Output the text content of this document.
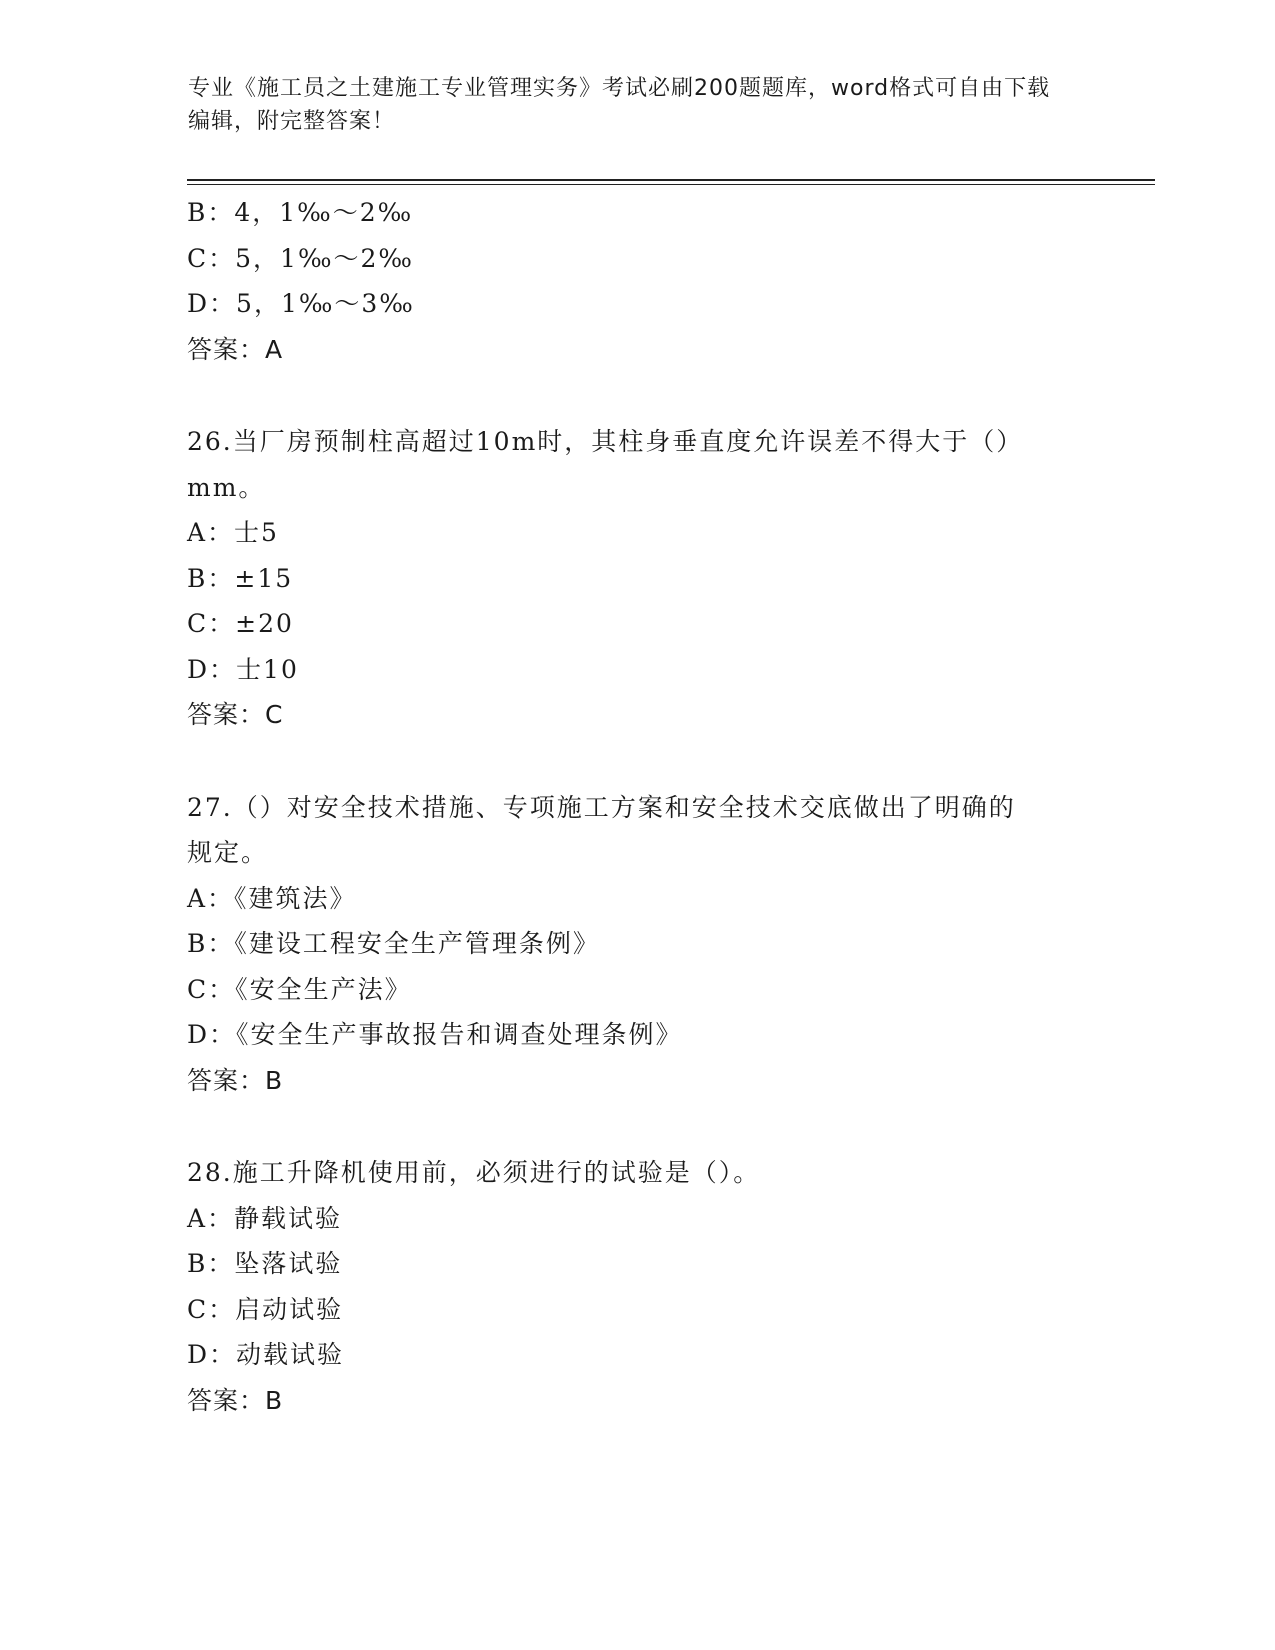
专业《施工员之土建施工专业管理实务》考试必刷200题题库，word格式可自由下载编辑，附完整答案！
B：4，1‰～2‰
C：5，1‰～2‰
D：5，1‰～3‰
答案：A
26.当厂房预制柱高超过10m时，其柱身垂直度允许误差不得大于（）
mm。
A：士5
B：±15
C：±20
D：士10
答案：C
27.（）对安全技术措施、专项施工方案和安全技术交底做出了明确的
规定。
A：《建筑法》
B：《建设工程安全生产管理条例》
C：《安全生产法》
D：《安全生产事故报告和调查处理条例》
答案：B
28.施工升降机使用前，必须进行的试验是（）。
A：静载试验
B：坠落试验
C：启动试验
D：动载试验
答案：B
